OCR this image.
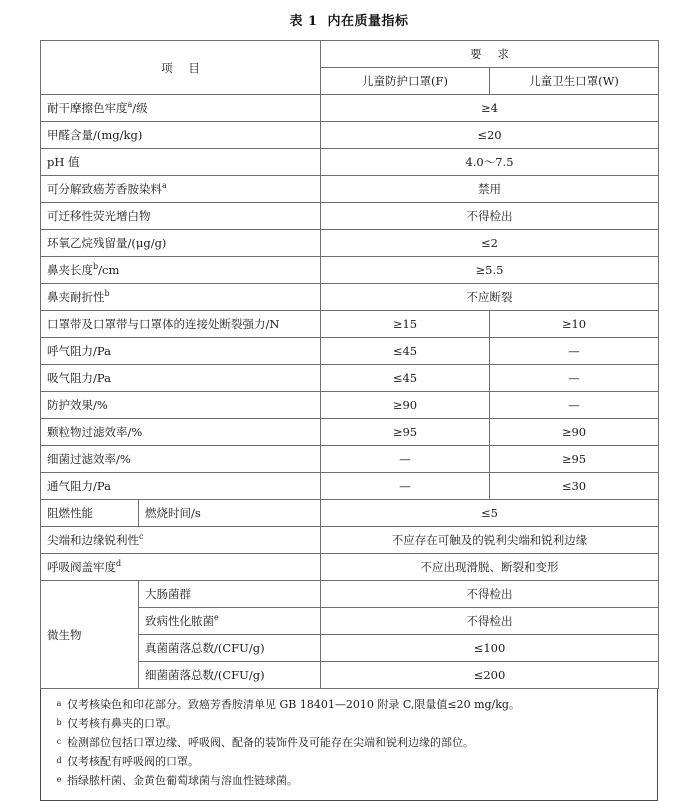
表 1 内在质量指标
项 目		要 求	
		儿童防护口罩(F)	儿童卫生口罩(W)
耐干摩擦色牢度$^a$/级		≥4	
甲醛含量/(mg/kg)		≤20	
pH 值		4.0～7.5	
可分解致癌芳香胺染料$^a$		禁用	
可迁移性荧光增白物		不得检出	
环氧乙烷残留量/(μg/g)		≤2	
鼻夹长度$^b$/cm		≥5.5	
鼻夹耐折性$^b$		不应断裂	
口罩带及口罩带与口罩体的连接处断裂强力/N		≥15	≥10
呼气阻力/Pa		≤45	—
吸气阻力/Pa		≤45	—
防护效果/%		≥90	—
颗粒物过滤效率/%		≥95	≥90
细菌过滤效率/%		—	≥95
通气阻力/Pa		—	≤30
阻燃性能	燃烧时间/s	≤5	
尖端和边缘锐利性$^c$		不应存在可触及的锐利尖端和锐利边缘	
呼吸阀盖牢度$^d$		不应出现滑脱、断裂和变形	
微生物	大肠菌群	不得检出	
	致病性化脓菌$^e$	不得检出	
	真菌菌落总数/(CFU/g)	≤100	
	细菌菌落总数/(CFU/g)	≤200	
a 仅考核染色和印花部分。致癌芳香胺清单见 GB 18401—2010 附录 C,限量值≤20 mg/kg。
b 仅考核有鼻夹的口罩。
c 检测部位包括口罩边缘、呼吸阀、配备的装饰件及可能存在尖端和锐利边缘的部位。
d 仅考核配有呼吸阀的口罩。
e 指绿脓杆菌、金黄色葡萄球菌与溶血性链球菌。
